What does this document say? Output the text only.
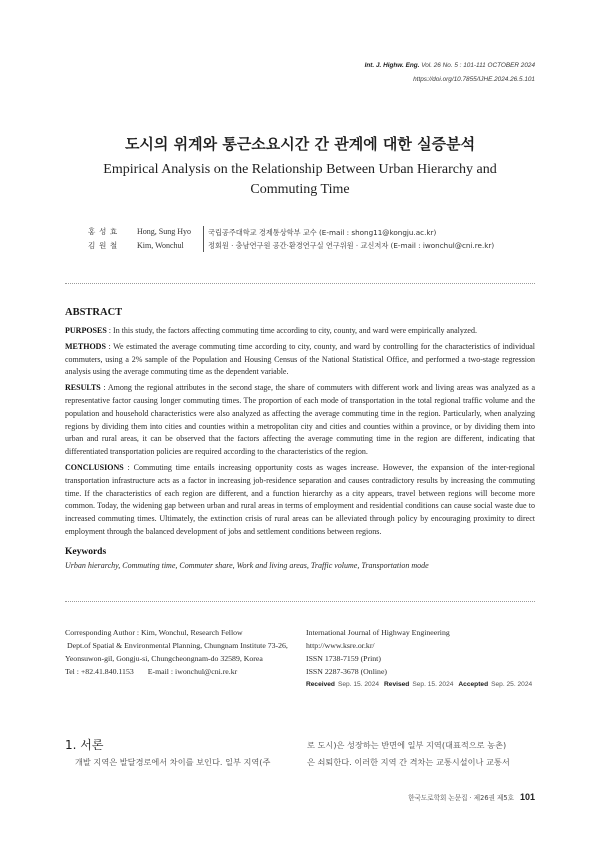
Int. J. Highw. Eng. Vol. 26 No. 5 : 101-111 OCTOBER 2024
https://doi.org/10.7855/IJHE.2024.26.5.101
도시의 위계와 통근소요시간 간 관계에 대한 실증분석
Empirical Analysis on the Relationship Between Urban Hierarchy and Commuting Time
홍 성 효 Hong, Sung Hyo
김 원 철 Kim, Wonchul
국립공주대학교 경제통상학부 교수 (E-mail : shong11@kongju.ac.kr)
정회원 · 충남연구원 공간·환경연구실 연구위원 · 교신저자 (E-mail : iwonchul@cni.re.kr)
ABSTRACT

PURPOSES : In this study, the factors affecting commuting time according to city, county, and ward were empirically analyzed.

METHODS : We estimated the average commuting time according to city, county, and ward by controlling for the characteristics of individual commuters, using a 2% sample of the Population and Housing Census of the National Statistical Office, and performed a two-stage regression analysis using the average commuting time as the dependent variable.

RESULTS : Among the regional attributes in the second stage, the share of commuters with different work and living areas was analyzed as a representative factor causing longer commuting times. The proportion of each mode of transportation in the total regional traffic volume and the population and household characteristics were also analyzed as affecting the average commuting time in the region. Particularly, when analyzing regions by dividing them into cities and counties within a metropolitan city and cities and counties within a province, or by dividing them into urban and rural areas, it can be observed that the factors affecting the average commuting time in the region are different, indicating that differentiated transportation policies are required according to the characteristics of the region.

CONCLUSIONS : Commuting time entails increasing opportunity costs as wages increase. However, the expansion of the inter-regional transportation infrastructure acts as a factor in increasing job-residence separation and causes contradictory results by increasing the commuting time. If the characteristics of each region are different, and a function hierarchy as a city appears, travel between regions will become more common. Today, the widening gap between urban and rural areas in terms of employment and residential conditions can cause social waste due to increased commuting times. Ultimately, the extinction crisis of rural areas can be alleviated through policy by encouraging proximity to direct employment through the balanced development of jobs and settlement conditions between regions.

Keywords

Urban hierarchy, Commuting time, Commuter share, Work and living areas, Traffic volume, Transportation mode

Corresponding Author : Kim, Wonchul, Research Fellow
Dept.of Spatial & Environmental Planning, Chungnam Institute 73-26,
Yeonsuwon-gil, Gongju-si, Chungcheongnam-do 32589, Korea
Tel : +82.41.840.1153 E-mail : iwonchul@cni.re.kr
International Journal of Highway Engineering
http://www.ksre.or.kr/
ISSN 1738-7159 (Print)
ISSN 2287-3678 (Online)
Received Sep. 15. 2024 Revised Sep. 15. 2024 Accepted Sep. 25. 2024
1. 서론
개발 지역은 발달경로에서 차이를 보인다. 일부 지역(주
로 도시)은 성장하는 반면에 일부 지역(대표적으로 농촌)
은 쇠퇴한다. 이러한 지역 간 격차는 교통시설이나 교통서
한국도로학회 논문집 · 제26권 제5호 101
